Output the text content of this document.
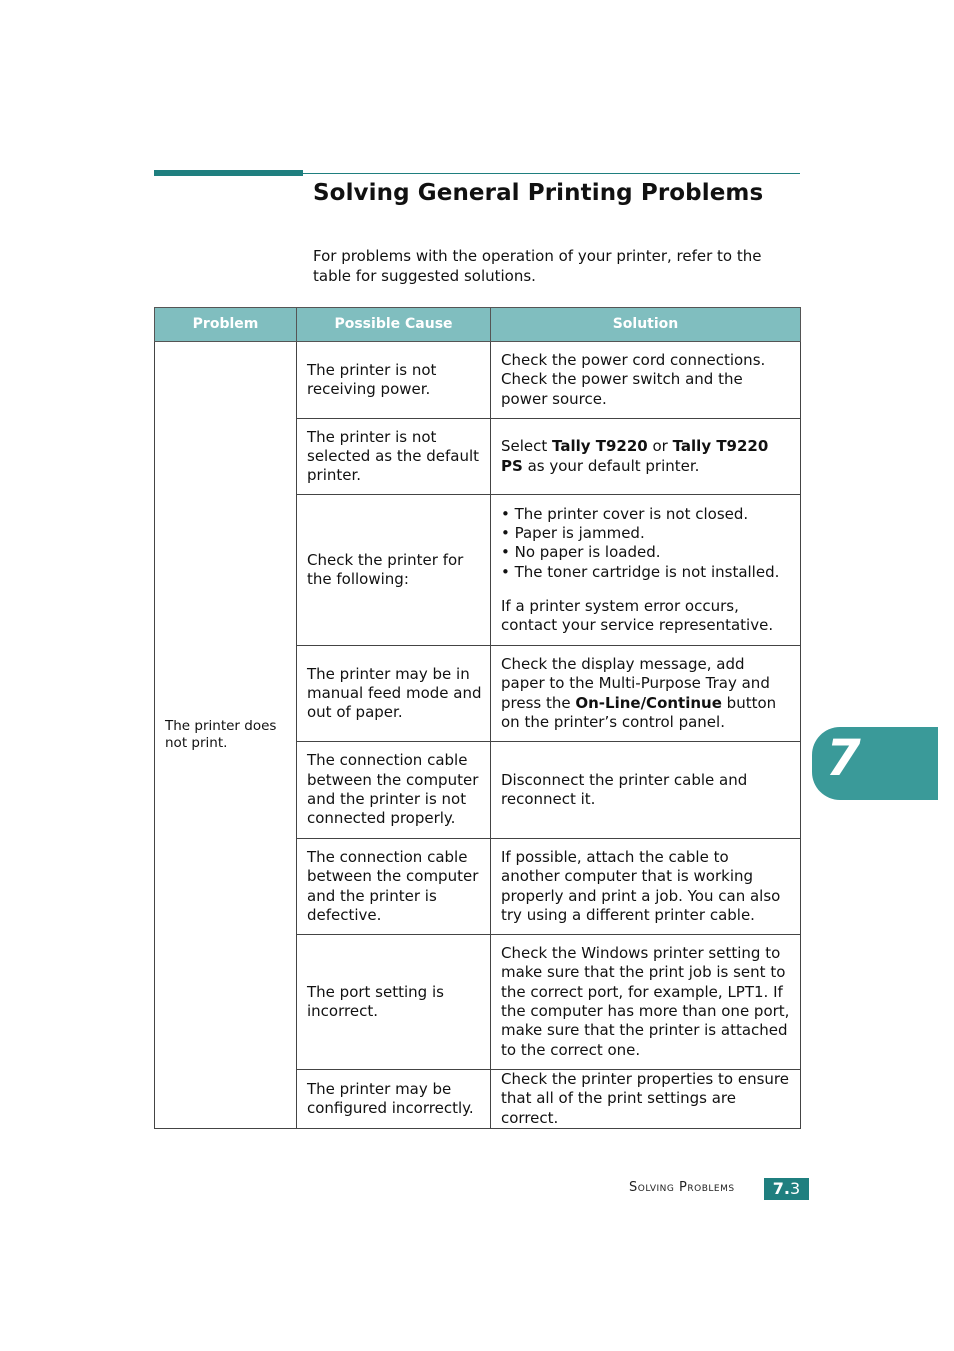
Solving General Printing Problems
For problems with the operation of your printer, refer to the table for suggested solutions.
Problem	Possible Cause	Solution
The printer does not print.	The printer is not receiving power.	Check the power cord connections. Check the power switch and the power source.
	The printer is not selected as the default printer.	Select Tally T9220 or Tally T9220 PS as your default printer.
	Check the printer for the following:	• The printer cover is not closed.
• Paper is jammed.
• No paper is loaded.
• The toner cartridge is not installed.
If a printer system error occurs, contact your service representative.

	The printer may be in manual feed mode and out of paper.	Check the display message, add paper to the Multi-Purpose Tray and press the On-Line/Continue button on the printer’s control panel.
	The connection cable between the computer and the printer is not connected properly.	Disconnect the printer cable and reconnect it.
	The connection cable between the computer and the printer is defective.	If possible, attach the cable to another computer that is working properly and print a job. You can also try using a different printer cable.
	The port setting is incorrect.	Check the Windows printer setting to make sure that the print job is sent to the correct port, for example, LPT1. If the computer has more than one port, make sure that the printer is attached to the correct one.
	The printer may be configured incorrectly.	Check the printer properties to ensure that all of the print settings are correct.
7
Solving Problems	7.3
